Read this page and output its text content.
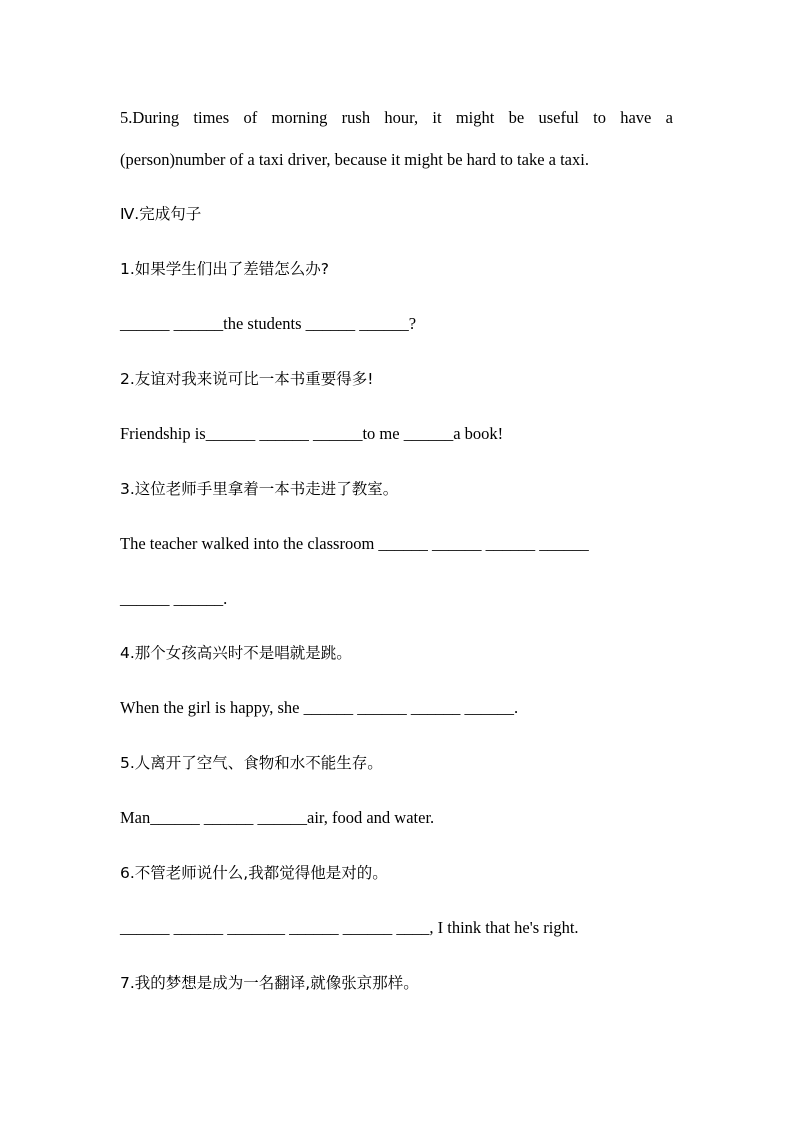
5.During times of morning rush hour, it might be useful to have a
(person)number of a taxi driver, because it might be hard to take a taxi.
Ⅳ.完成句子
1.如果学生们出了差错怎么办?
______ ______the students ______ ______?
2.友谊对我来说可比一本书重要得多!
Friendship is______ ______ ______to me ______a book!
3.这位老师手里拿着一本书走进了教室。
The teacher walked into the classroom ______ ______ ______ ______
______ ______.
4.那个女孩高兴时不是唱就是跳。
When the girl is happy, she ______ ______ ______ ______.
5.人离开了空气、食物和水不能生存。
Man______ ______ ______air, food and water.
6.不管老师说什么,我都觉得他是对的。
______ ______ _______ ______ ______ ____, I think that he's right.
7.我的梦想是成为一名翻译,就像张京那样。
